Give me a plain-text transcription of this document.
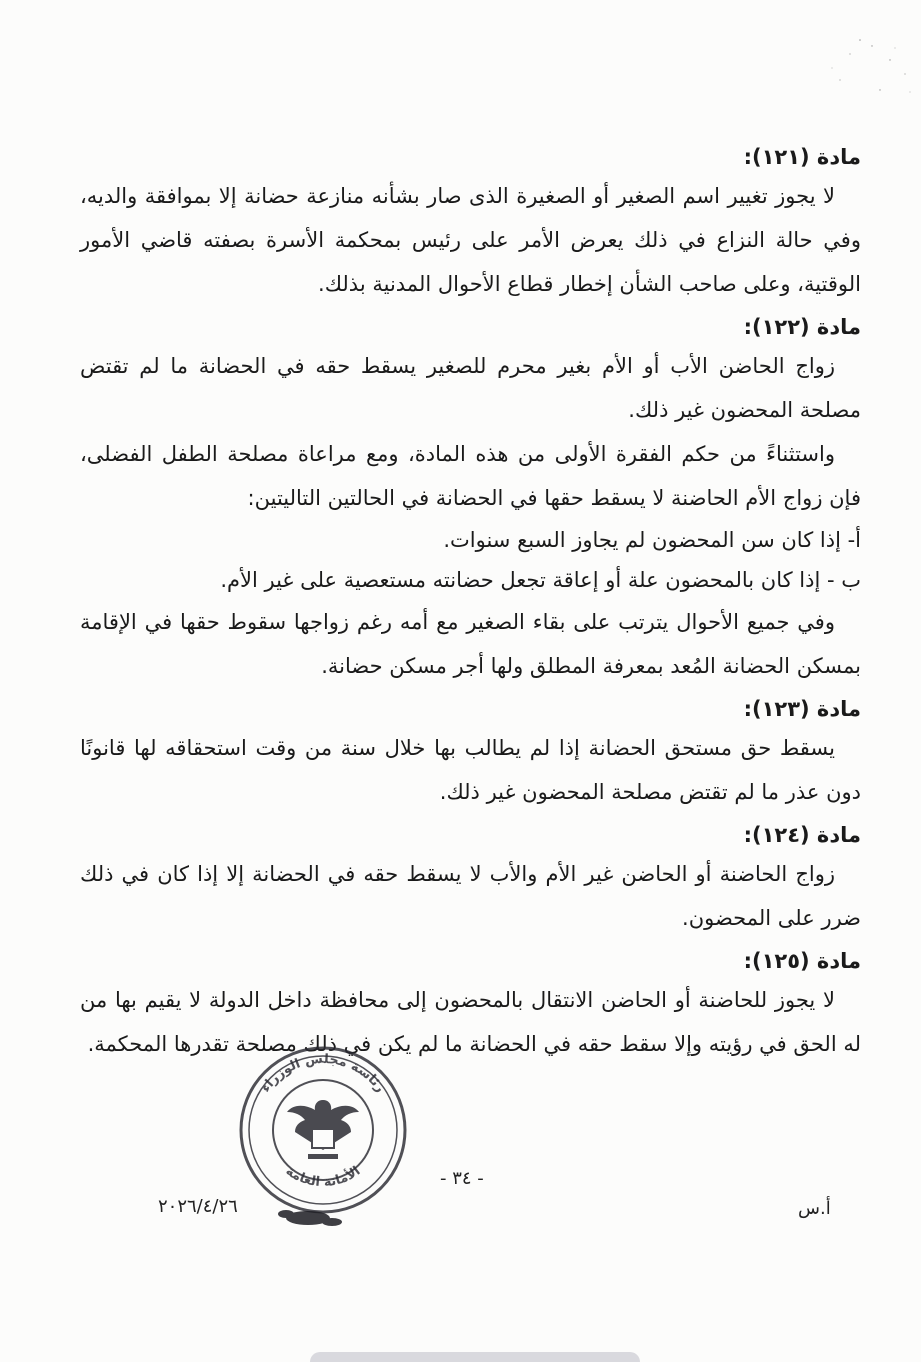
مادة (١٢١):

لا يجوز تغيير اسم الصغير أو الصغيرة الذى صار بشأنه منازعة حضانة إلا بموافقة والديه، وفي حالة النزاع في ذلك يعرض الأمر على رئيس بمحكمة الأسرة بصفته قاضي الأمور الوقتية، وعلى صاحب الشأن إخطار قطاع الأحوال المدنية بذلك.

مادة (١٢٢):

زواج الحاضن الأب أو الأم بغير محرم للصغير يسقط حقه في الحضانة ما لم تقتض مصلحة المحضون غير ذلك.

واستثناءً من حكم الفقرة الأولى من هذه المادة، ومع مراعاة مصلحة الطفل الفضلى، فإن زواج الأم الحاضنة لا يسقط حقها في الحضانة في الحالتين التاليتين:

أ- إذا كان سن المحضون لم يجاوز السبع سنوات.

ب - إذا كان بالمحضون علة أو إعاقة تجعل حضانته مستعصية على غير الأم.

وفي جميع الأحوال يترتب على بقاء الصغير مع أمه رغم زواجها سقوط حقها في الإقامة بمسكن الحضانة المُعد بمعرفة المطلق ولها أجر مسكن حضانة.

مادة (١٢٣):

يسقط حق مستحق الحضانة إذا لم يطالب بها خلال سنة من وقت استحقاقه لها قانونًا دون عذر ما لم تقتض مصلحة المحضون غير ذلك.

مادة (١٢٤):

زواج الحاضنة أو الحاضن غير الأم والأب لا يسقط حقه في الحضانة إلا إذا كان في ذلك ضرر على المحضون.

مادة (١٢٥):

لا يجوز للحاضنة أو الحاضن الانتقال بالمحضون إلى محافظة داخل الدولة لا يقيم بها من له الحق في رؤيته وإلا سقط حقه في الحضانة ما لم يكن في ذلك مصلحة تقدرها المحكمة.

رئاسة مجلس الوزراء
الأمانة العامة	- ٣٤ -
٢٠٢٦/٤/٢٦	أ.س
